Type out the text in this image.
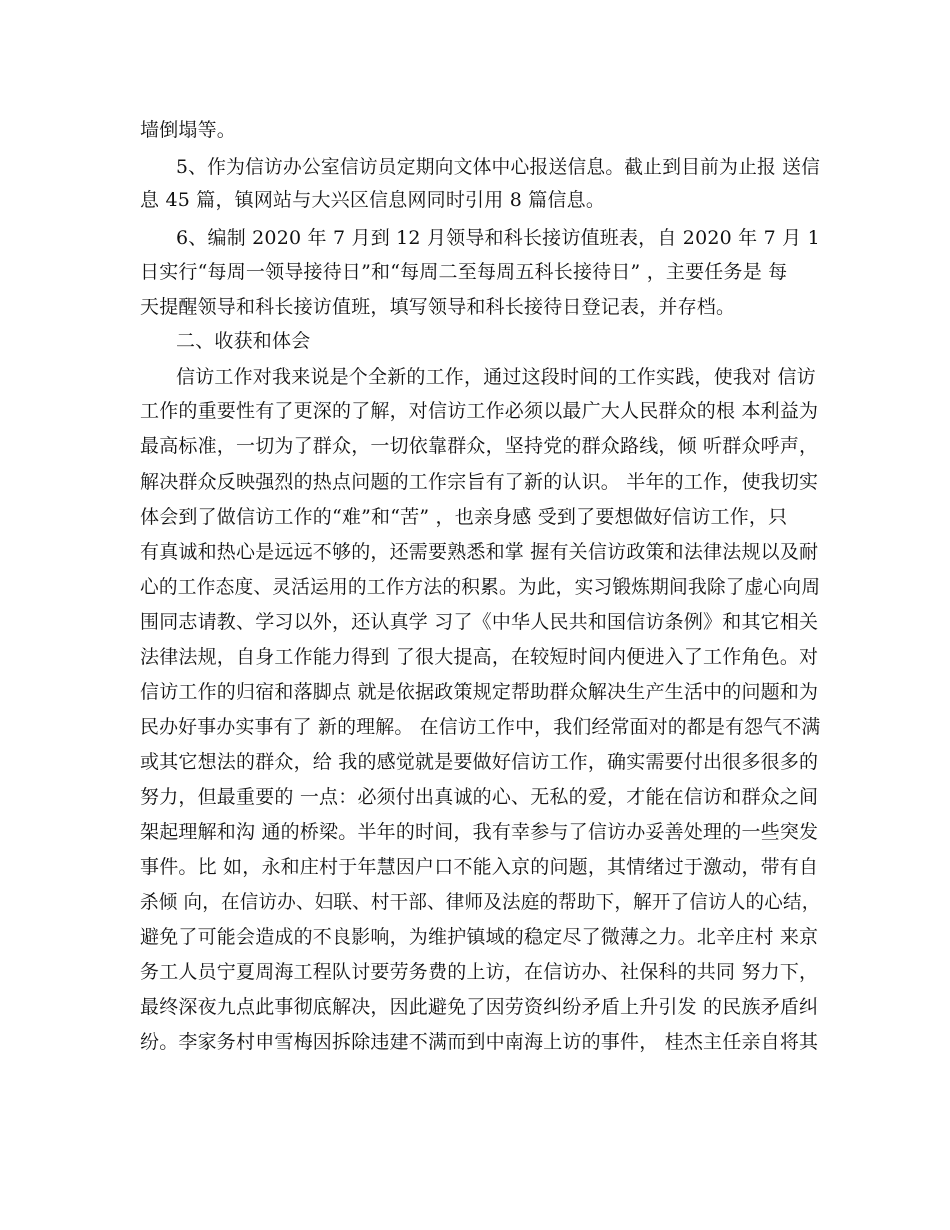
墙倒塌等。
5、作为信访办公室信访员定期向文体中心报送信息。截止到目前为止报 送信
息 45 篇，镇网站与大兴区信息网同时引用 8 篇信息。
6、编制 2020 年 7 月到 12 月领导和科长接访值班表，自 2020 年 7 月 1
日实行“每周一领导接待日”和“每周二至每周五科长接待日” ，主要任务是 每
天提醒领导和科长接访值班，填写领导和科长接待日登记表，并存档。
二、收获和体会
信访工作对我来说是个全新的工作，通过这段时间的工作实践，使我对 信访
工作的重要性有了更深的了解，对信访工作必须以最广大人民群众的根 本利益为
最高标准，一切为了群众，一切依靠群众，坚持党的群众路线，倾 听群众呼声，
解决群众反映强烈的热点问题的工作宗旨有了新的认识。 半年的工作，使我切实
体会到了做信访工作的“难”和“苦” ，也亲身感 受到了要想做好信访工作，只
有真诚和热心是远远不够的，还需要熟悉和掌 握有关信访政策和法律法规以及耐
心的工作态度、灵活运用的工作方法的积累。为此，实习锻炼期间我除了虚心向周
围同志请教、学习以外，还认真学 习了《中华人民共和国信访条例》和其它相关
法律法规，自身工作能力得到 了很大提高，在较短时间内便进入了工作角色。对
信访工作的归宿和落脚点 就是依据政策规定帮助群众解决生产生活中的问题和为
民办好事办实事有了 新的理解。 在信访工作中，我们经常面对的都是有怨气不满
或其它想法的群众，给 我的感觉就是要做好信访工作，确实需要付出很多很多的
努力，但最重要的 一点：必须付出真诚的心、无私的爱，才能在信访和群众之间
架起理解和沟 通的桥梁。半年的时间，我有幸参与了信访办妥善处理的一些突发
事件。比 如，永和庄村于年慧因户口不能入京的问题，其情绪过于激动，带有自
杀倾 向，在信访办、妇联、村干部、律师及法庭的帮助下，解开了信访人的心结，
避免了可能会造成的不良影响，为维护镇域的稳定尽了微薄之力。北辛庄村 来京
务工人员宁夏周海工程队讨要劳务费的上访，在信访办、社保科的共同 努力下，
最终深夜九点此事彻底解决，因此避免了因劳资纠纷矛盾上升引发 的民族矛盾纠
纷。李家务村申雪梅因拆除违建不满而到中南海上访的事件， 桂杰主任亲自将其
